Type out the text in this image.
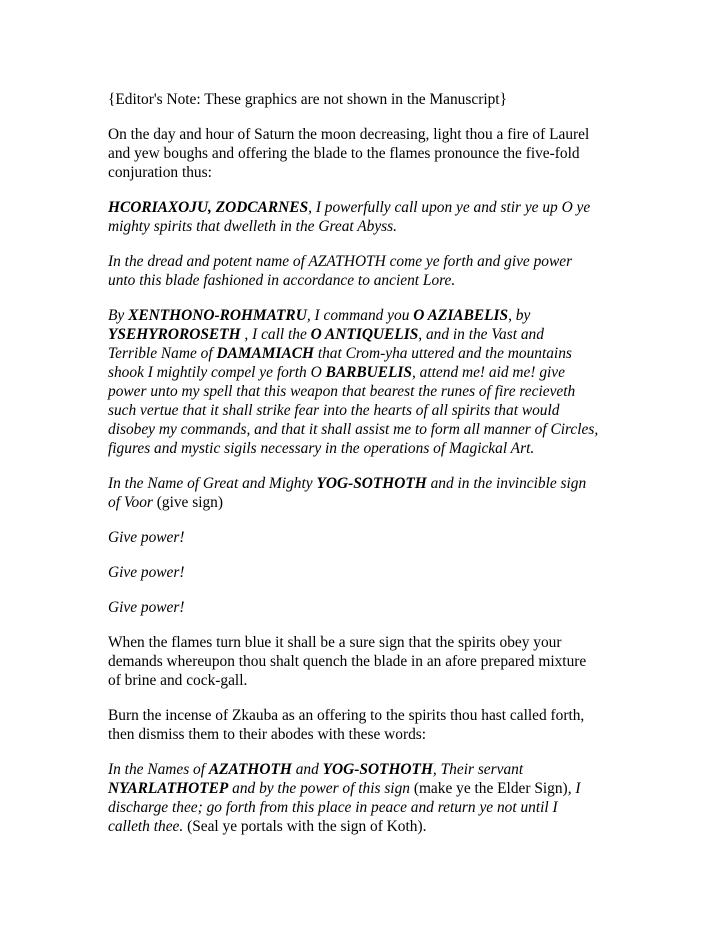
{Editor's Note: These graphics are not shown in the Manuscript}

On the day and hour of Saturn the moon decreasing, light thou a fire of Laurel
and yew boughs and offering the blade to the flames pronounce the five-fold
conjuration thus:

HCORIAXOJU, ZODCARNES, I powerfully call upon ye and stir ye up O ye
mighty spirits that dwelleth in the Great Abyss.

In the dread and potent name of AZATHOTH come ye forth and give power
unto this blade fashioned in accordance to ancient Lore.

By XENTHONO-ROHMATRU, I command you O AZIABELIS, by
YSEHYROROSETH , I call the O ANTIQUELIS, and in the Vast and
Terrible Name of DAMAMIACH that Crom-yha uttered and the mountains
shook I mightily compel ye forth O BARBUELIS, attend me! aid me! give
power unto my spell that this weapon that bearest the runes of fire recieveth
such vertue that it shall strike fear into the hearts of all spirits that would
disobey my commands, and that it shall assist me to form all manner of Circles,
figures and mystic sigils necessary in the operations of Magickal Art.

In the Name of Great and Mighty YOG-SOTHOTH and in the invincible sign
of Voor (give sign)

Give power!

Give power!

Give power!

When the flames turn blue it shall be a sure sign that the spirits obey your
demands whereupon thou shalt quench the blade in an afore prepared mixture
of brine and cock-gall.

Burn the incense of Zkauba as an offering to the spirits thou hast called forth,
then dismiss them to their abodes with these words:

In the Names of AZATHOTH and YOG-SOTHOTH, Their servant
NYARLATHOTEP and by the power of this sign (make ye the Elder Sign), I
discharge thee; go forth from this place in peace and return ye not until I
calleth thee. (Seal ye portals with the sign of Koth).
